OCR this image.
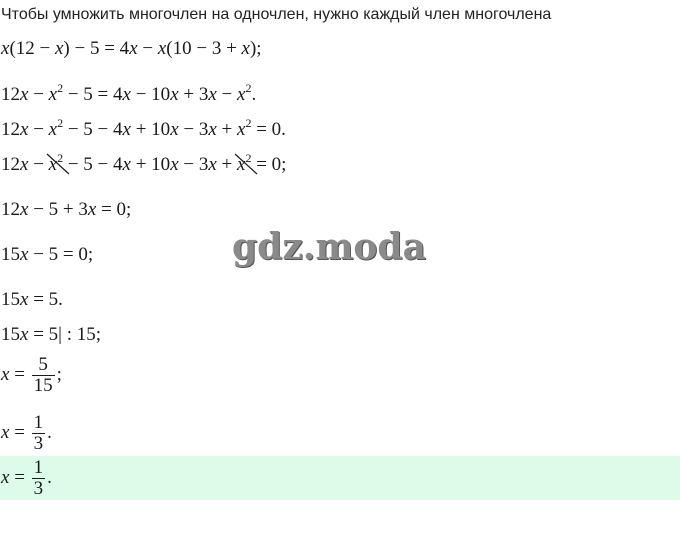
Чтобы умножить многочлен на одночлен, нужно каждый член многочлена
x(12 − x) − 5 = 4x − x(10 − 3 + x);
$12x - x^2 - 5 = 4x - 10x + 3x - x^2$.
$12x - x^2 - 5 - 4x + 10x - 3x + x^2 = 0$.
$12x - x^2$
− $5 - 4x + 10x - 3x + x^2$
= 0;
12x − 5 + 3x = 0;
15x − 5 = 0;	gdz.moda
15x = 5.
15x = 5| : 15;
$x = \frac{5}{15}$ ;
$x = \frac{1}{3}$ .
$x = \frac{1}{3}$ .
